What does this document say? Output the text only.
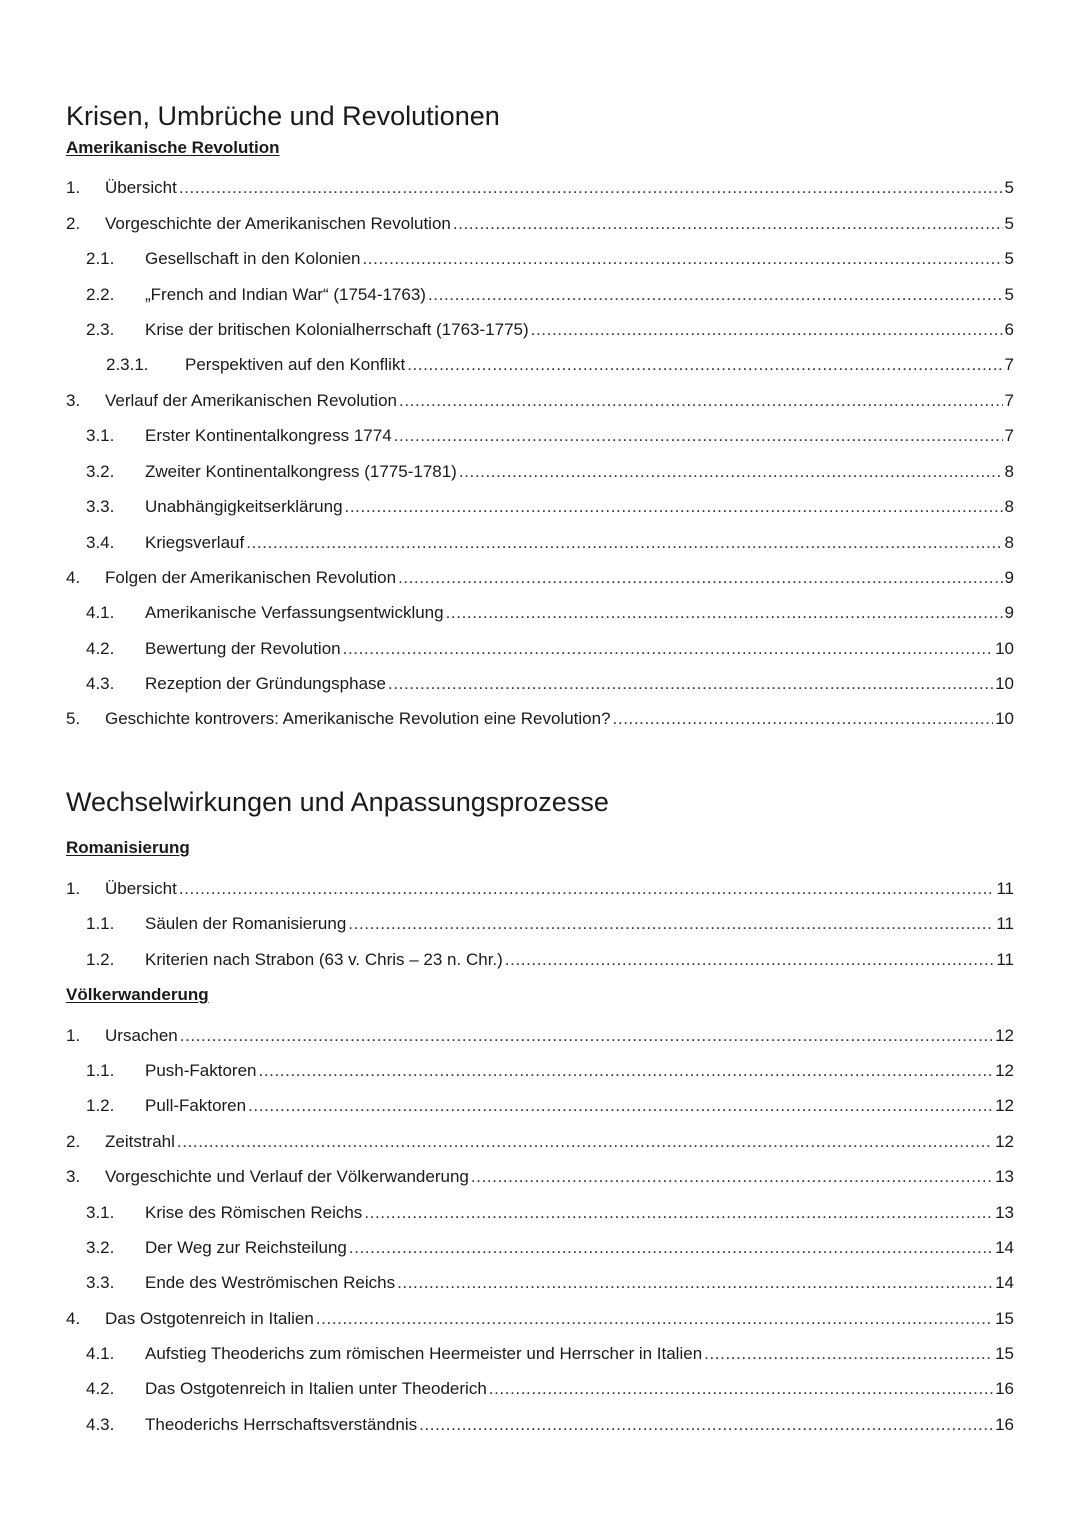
Krisen, Umbrüche und Revolutionen
Amerikanische Revolution
1.	Übersicht .....	5
2.	Vorgeschichte der Amerikanischen Revolution .....	5
2.1.	Gesellschaft in den Kolonien .....	5
2.2.	„French and Indian War“ (1754-1763) .....	5
2.3.	Krise der britischen Kolonialherrschaft (1763-1775) .....	6
2.3.1.	Perspektiven auf den Konflikt .....	7
3.	Verlauf der Amerikanischen Revolution .....	7
3.1.	Erster Kontinentalkongress 1774 .....	7
3.2.	Zweiter Kontinentalkongress (1775-1781) .....	8
3.3.	Unabhängigkeitserklärung .....	8
3.4.	Kriegsverlauf .....	8
4.	Folgen der Amerikanischen Revolution .....	9
4.1.	Amerikanische Verfassungsentwicklung .....	9
4.2.	Bewertung der Revolution .....	10
4.3.	Rezeption der Gründungsphase .....	10
5.	Geschichte kontrovers: Amerikanische Revolution eine Revolution? .....	10
Wechselwirkungen und Anpassungsprozesse
Romanisierung
1.	Übersicht .....	11
1.1.	Säulen der Romanisierung .....	11
1.2.	Kriterien nach Strabon (63 v. Chris – 23 n. Chr.) .....	11
Völkerwanderung
1.	Ursachen .....	12
1.1.	Push-Faktoren .....	12
1.2.	Pull-Faktoren .....	12
2.	Zeitstrahl .....	12
3.	Vorgeschichte und Verlauf der Völkerwanderung .....	13
3.1.	Krise des Römischen Reichs .....	13
3.2.	Der Weg zur Reichsteilung .....	14
3.3.	Ende des Weströmischen Reichs .....	14
4.	Das Ostgotenreich in Italien .....	15
4.1.	Aufstieg Theoderichs zum römischen Heermeister und Herrscher in Italien .....	15
4.2.	Das Ostgotenreich in Italien unter Theoderich .....	16
4.3.	Theoderichs Herrschaftsverständnis .....	16
